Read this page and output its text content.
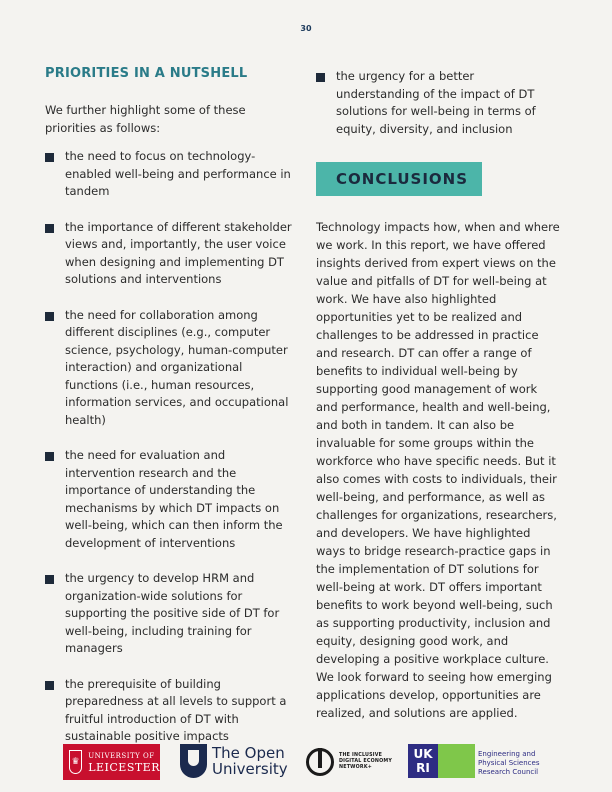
30
PRIORITIES IN A NUTSHELL

We further highlight some of these priorities as follows:

the need to focus on technology-enabled well-being and performance in tandem
the importance of different stakeholder views and, importantly, the user voice when designing and implementing DT solutions and interventions
the need for collaboration among different disciplines (e.g., computer science, psychology, human-computer interaction) and organizational functions (i.e., human resources, information services, and occupational health)
the need for evaluation and intervention research and the importance of understanding the mechanisms by which DT impacts on well-being, which can then inform the development of interventions
the urgency to develop HRM and organization-wide solutions for supporting the positive side of DT for well-being, including training for managers
the prerequisite of building preparedness at all levels to support a fruitful introduction of DT with sustainable positive impacts
the urgency for a better understanding of the impact of DT solutions for well-being in terms of equity, diversity, and inclusion
CONCLUSIONS

Technology impacts how, when and where we work. In this report, we have offered insights derived from expert views on the value and pitfalls of DT for well-being at work. We have also highlighted opportunities yet to be realized and challenges to be addressed in practice and research. DT can offer a range of benefits to individual well-being by supporting good management of work and performance, health and well-being, and both in tandem. It can also be invaluable for some groups within the workforce who have specific needs. But it also comes with costs to individuals, their well-being, and performance, as well as challenges for organizations, researchers, and developers. We have highlighted ways to bridge research-practice gaps in the implementation of DT solutions for well-being at work. DT offers important benefits to work beyond well-being, such as supporting productivity, inclusion and equity, designing good work, and developing a positive workplace culture. We look forward to seeing how emerging applications develop, opportunities are realized, and solutions are applied.

♛
UNIVERSITY OF
LEICESTER
The Open
University
THE INCLUSIVE
DIGITAL ECONOMY
NETWORK+
UK
RI
Engineering and
Physical Sciences
Research Council
